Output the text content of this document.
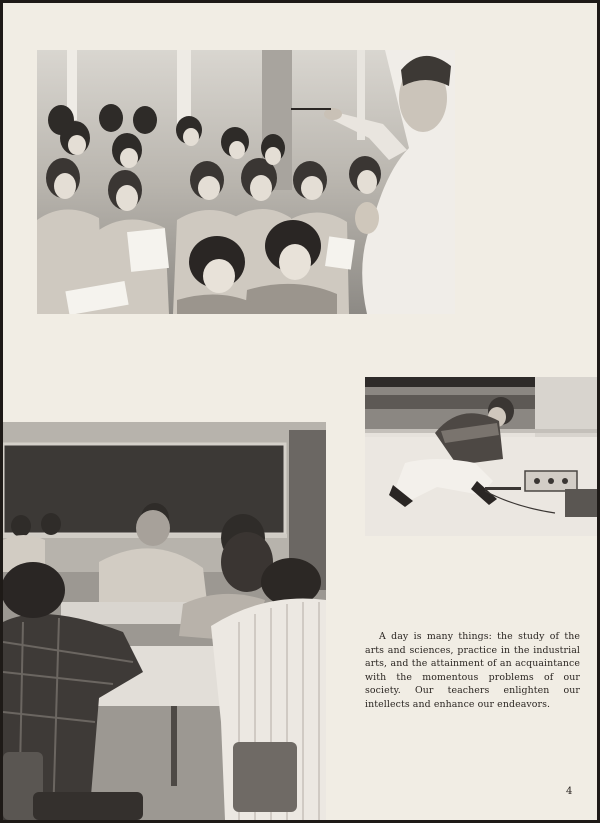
A day is many things: the study of the arts and sciences, practice in the industrial arts, and the attainment of an acquaintance with the momentous problems of our society. Our teachers enlighten our intellects and enhance our endeavors.

4
